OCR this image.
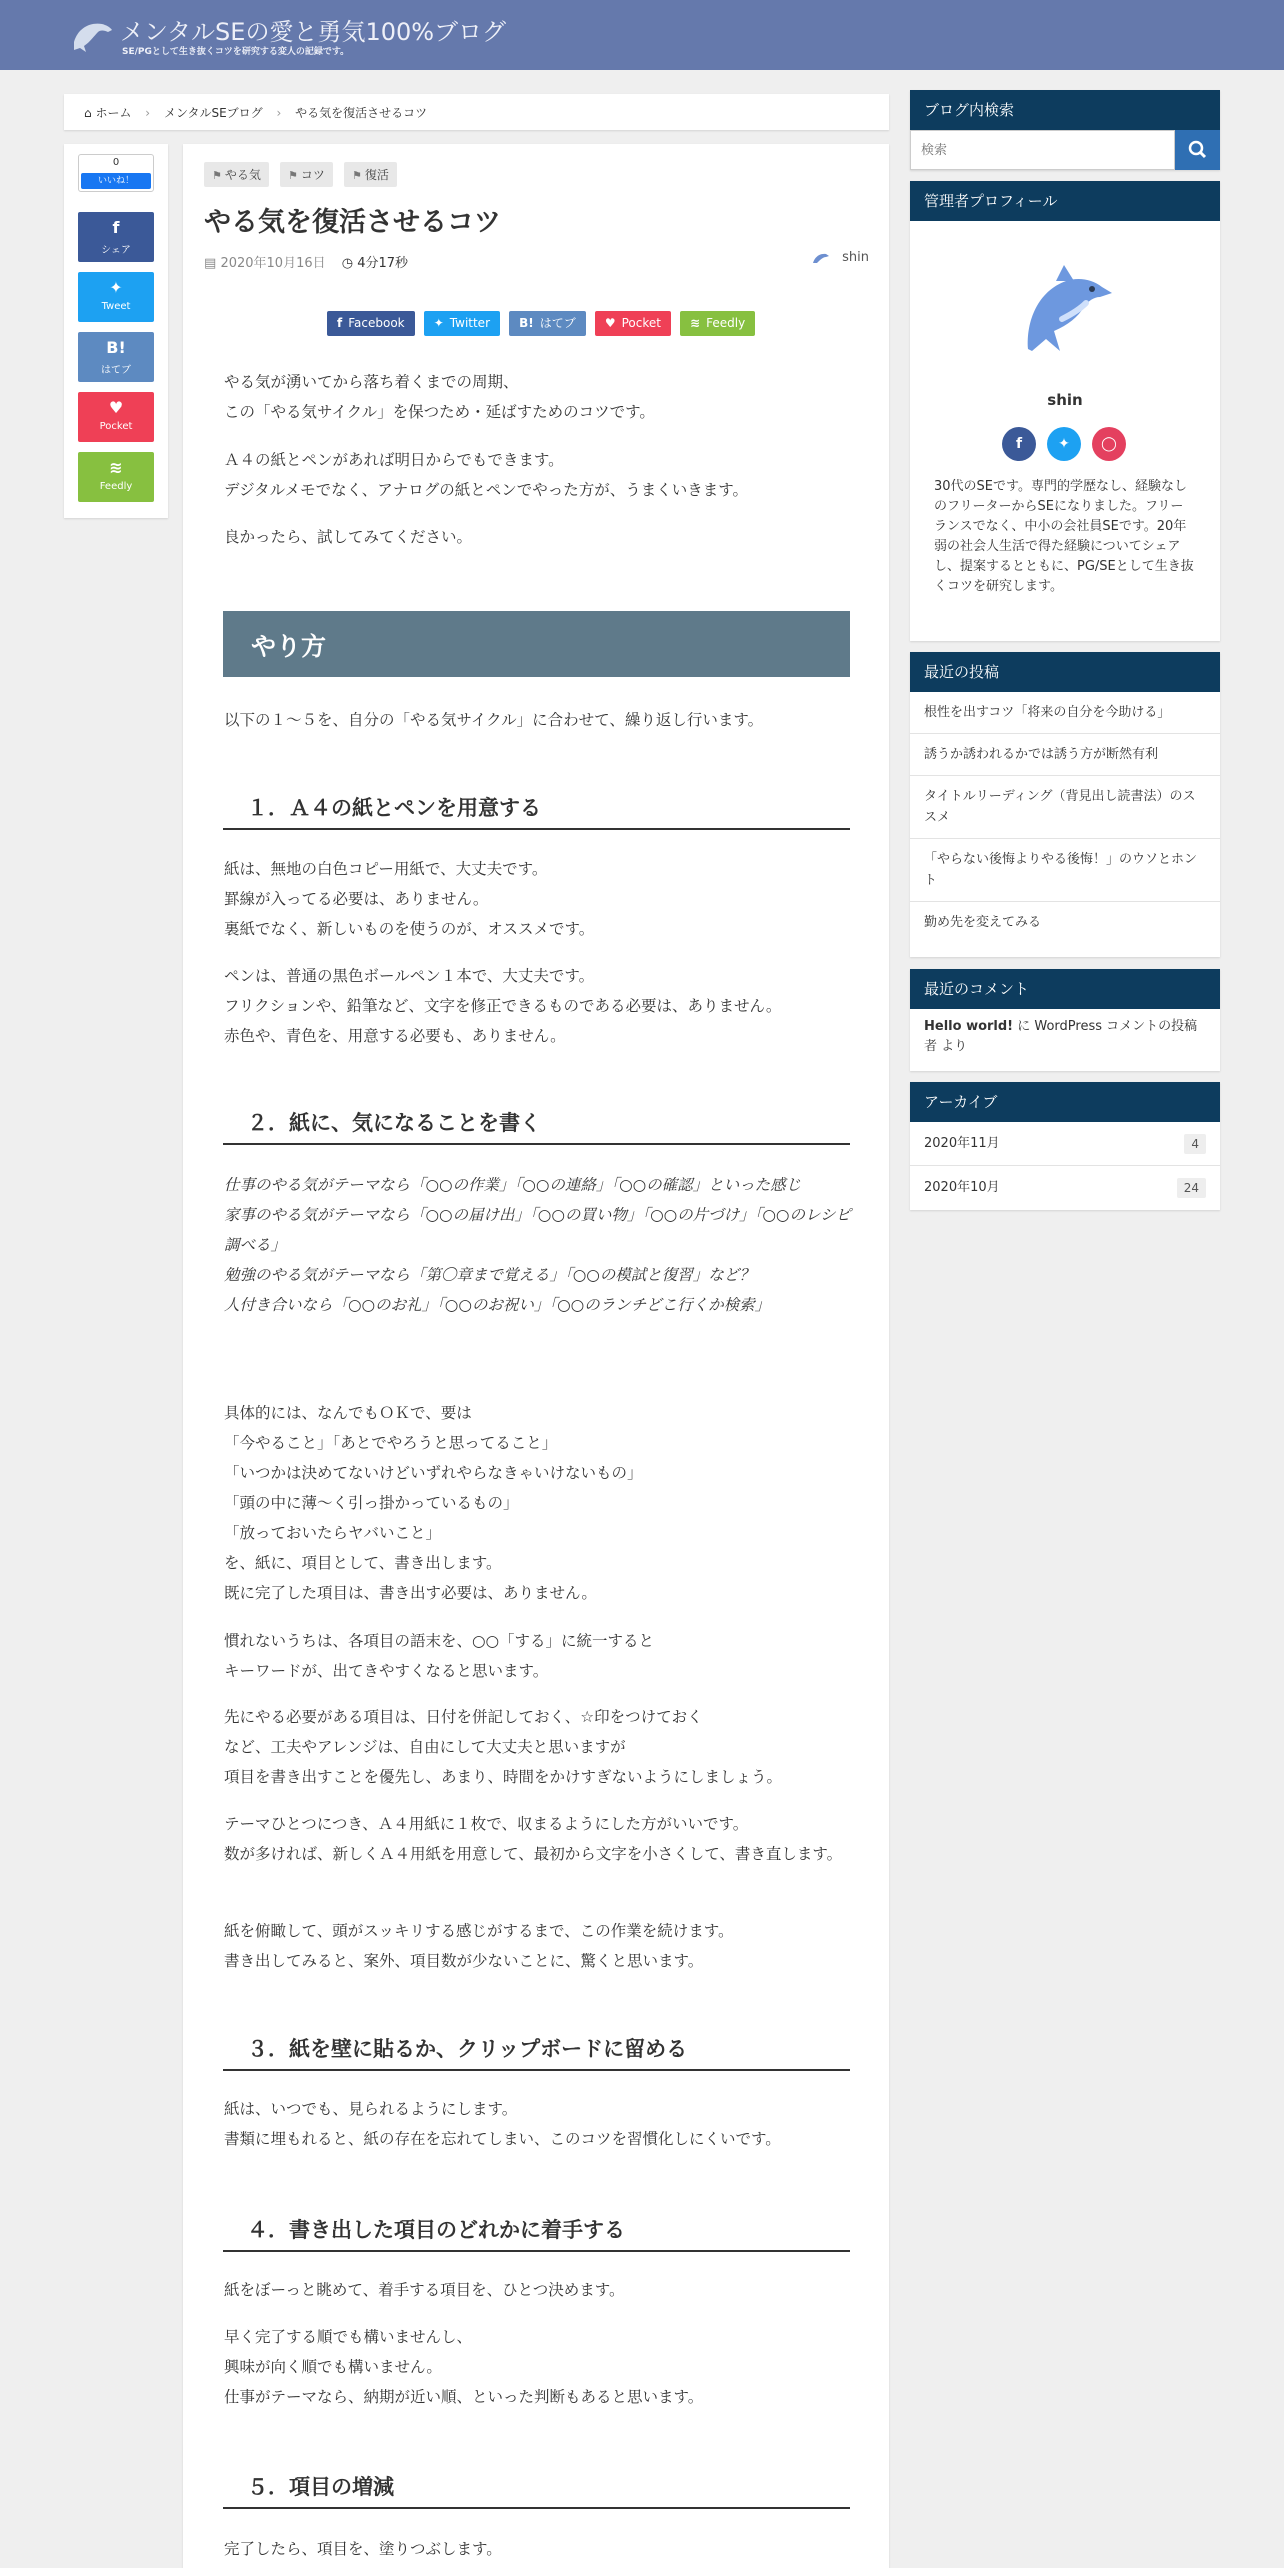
メンタル‍SEの愛と勇気100%ブログ
SE/PGとして生き抜くコツを研究する変人の記録です。
⌂ ホーム › メンタルSEブログ › やる気を復活させるコツ
0
いいね！
f
シェア
✦
Tweet
B!
はてブ
♥
Pocket
≋
Feedly
⚑ やる気 ⚑ コツ ⚑ 復活
やる気を復活させるコツ
▤ 2020年10月16日 ◷ 4分17秒	shin
f Facebook ✦ Twitter B! はてブ ♥ Pocket ≋ Feedly
やる気が湧いてから落ち着くまでの周期、
この「やる気サイクル」を保つため・延ばすためのコツです。
Ａ４の紙とペンがあれば明日からでもできます。
デジタルメモでなく、アナログの紙とペンでやった方が、うまくいきます。
良かったら、試してみてください。
やり方
以下の１～５を、自分の「やる気サイクル」に合わせて、繰り返し行います。
１．Ａ４の紙とペンを用意する
紙は、無地の白色コピー用紙で、大丈夫です。
罫線が入ってる必要は、ありません。
裏紙でなく、新しいものを使うのが、オススメです。
ペンは、普通の黒色ボールペン１本で、大丈夫です。
フリクションや、鉛筆など、文字を修正できるものである必要は、ありません。
赤色や、青色を、用意する必要も、ありません。
２．紙に、気になることを書く
仕事のやる気がテーマなら「○○の作業」「○○の連絡」「○○の確認」といった感じ
家事のやる気がテーマなら「○○の届け出」「○○の買い物」「○○の片づけ」「○○のレシピ調べる」
勉強のやる気がテーマなら「第〇章まで覚える」「○○の模試と復習」など？
人付き合いなら「○○のお礼」「○○のお祝い」「○○のランチどこ行くか検索」
具体的には、なんでもＯＫで、要は
「今やること」「あとでやろうと思ってること」
「いつかは決めてないけどいずれやらなきゃいけないもの」
「頭の中に薄～く引っ掛かっているもの」
「放っておいたらヤバいこと」
を、紙に、項目として、書き出します。
既に完了した項目は、書き出す必要は、ありません。
慣れないうちは、各項目の語末を、○○「する」に統一すると
キーワードが、出てきやすくなると思います。
先にやる必要がある項目は、日付を併記しておく、☆印をつけておく
など、工夫やアレンジは、自由にして大丈夫と思いますが
項目を書き出すことを優先し、あまり、時間をかけすぎないようにしましょう。
テーマひとつにつき、Ａ４用紙に１枚で、収まるようにした方がいいです。
数が多ければ、新しくＡ４用紙を用意して、最初から文字を小さくして、書き直します。
紙を俯瞰して、頭がスッキリする感じがするまで、この作業を続けます。
書き出してみると、案外、項目数が少ないことに、驚くと思います。
３．紙を壁に貼るか、クリップボードに留める
紙は、いつでも、見られるようにします。
書類に埋もれると、紙の存在を忘れてしまい、このコツを習慣化しにくいです。
４．書き出した項目のどれかに着手する
紙をぼーっと眺めて、着手する項目を、ひとつ決めます。
早く完了する順でも構いませんし、
興味が向く順でも構いません。
仕事がテーマなら、納期が近い順、といった判断もあると思います。
５．項目の増減
完了したら、項目を、塗りつぶします。
ブログ内検索
検索
管理者プロフィール
shin
f	✦	◯
30代のSEです。専門的学歴なし、経験なしのフリーターからSEになりました。フリーランスでなく、中小の会社員SEです。20年弱の社会人生活で得た経験についてシェアし、提案するとともに、PG/SEとして生き抜くコツを研究します。
最近の投稿
根性を出すコツ「将来の自分を今助ける」
誘うか誘われるかでは誘う方が断然有利
タイトルリーディング（背見出し読書法）のススメ
「やらない後悔よりやる後悔！」のウソとホント
勤め先を変えてみる
最近のコメント
Hello world! に WordPress コメントの投稿者 より
アーカイブ
2020年11月	4
2020年10月	24
